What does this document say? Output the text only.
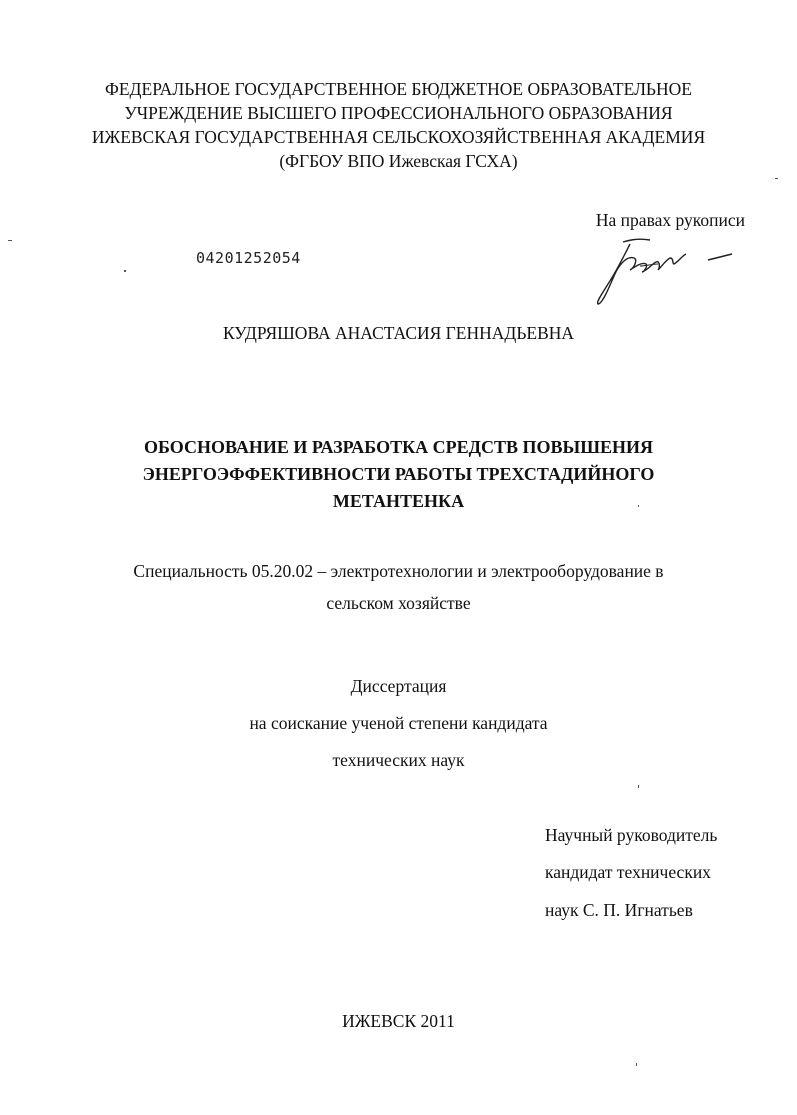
ФЕДЕРАЛЬНОЕ ГОСУДАРСТВЕННОЕ БЮДЖЕТНОЕ ОБРАЗОВАТЕЛЬНОЕ
УЧРЕЖДЕНИЕ ВЫСШЕГО ПРОФЕССИОНАЛЬНОГО ОБРАЗОВАНИЯ
ИЖЕВСКАЯ ГОСУДАРСТВЕННАЯ СЕЛЬСКОХОЗЯЙСТВЕННАЯ АКАДЕМИЯ
(ФГБОУ ВПО Ижевская ГСХА)
На правах рукописи
04201252054
КУДРЯШОВА АНАСТАСИЯ ГЕННАДЬЕВНА
ОБОСНОВАНИЕ И РАЗРАБОТКА СРЕДСТВ ПОВЫШЕНИЯ
ЭНЕРГОЭФФЕКТИВНОСТИ РАБОТЫ ТРЕХСТАДИЙНОГО
МЕТАНТЕНКА
Специальность 05.20.02 – электротехнологии и электрооборудование в
сельском хозяйстве
Диссертация
на соискание ученой степени кандидата
технических наук
Научный руководитель
кандидат технических
наук С. П. Игнатьев
ИЖЕВСК 2011
